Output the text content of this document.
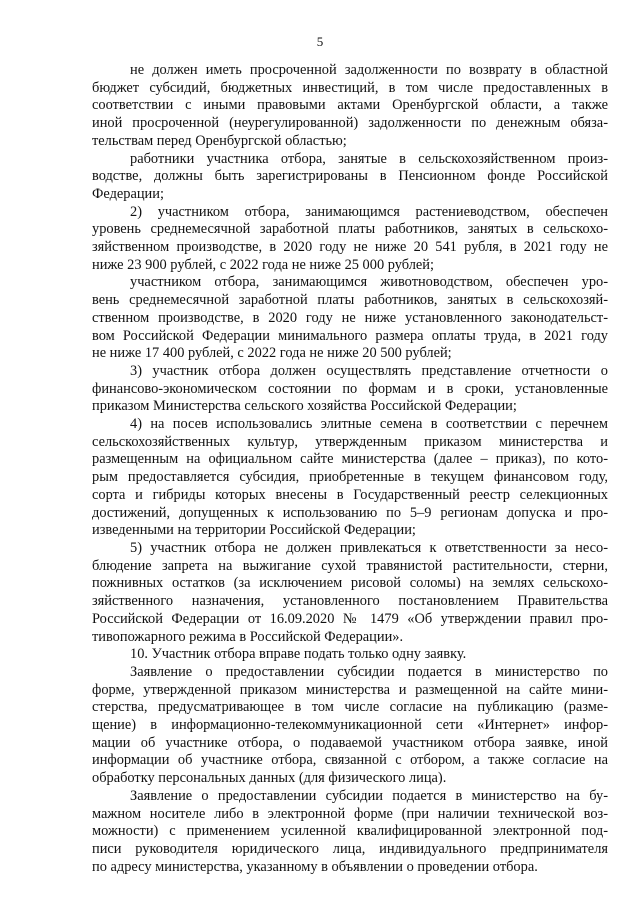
5
не должен иметь просроченной задолженности по возврату в областной
бюджет субсидий, бюджетных инвестиций, в том числе предоставленных в
соответствии с иными правовыми актами Оренбургской области, а также
иной просроченной (неурегулированной) задолженности по денежным обяза-
тельствам перед Оренбургской областью;
работники участника отбора, занятые в сельскохозяйственном произ-
водстве, должны быть зарегистрированы в Пенсионном фонде Российской
Федерации;
2) участником отбора, занимающимся растениеводством, обеспечен
уровень среднемесячной заработной платы работников, занятых в сельскохо-
зяйственном производстве, в 2020 году не ниже 20 541 рубля, в 2021 году не
ниже 23 900 рублей, с 2022 года не ниже 25 000 рублей;
участником отбора, занимающимся животноводством, обеспечен уро-
вень среднемесячной заработной платы работников, занятых в сельскохозяй-
ственном производстве, в 2020 году не ниже установленного законодательст-
вом Российской Федерации минимального размера оплаты труда, в 2021 году
не ниже 17 400 рублей, с 2022 года не ниже 20 500 рублей;
3) участник отбора должен осуществлять представление отчетности о
финансово-экономическом состоянии по формам и в сроки, установленные
приказом Министерства сельского хозяйства Российской Федерации;
4) на посев использовались элитные семена в соответствии с перечнем
сельскохозяйственных культур, утвержденным приказом министерства и
размещенным на официальном сайте министерства (далее – приказ), по кото-
рым предоставляется субсидия, приобретенные в текущем финансовом году,
сорта и гибриды которых внесены в Государственный реестр селекционных
достижений, допущенных к использованию по 5–9 регионам допуска и про-
изведенными на территории Российской Федерации;
5) участник отбора не должен привлекаться к ответственности за несо-
блюдение запрета на выжигание сухой травянистой растительности, стерни,
пожнивных остатков (за исключением рисовой соломы) на землях сельскохо-
зяйственного назначения, установленного постановлением Правительства
Российской Федерации от 16.09.2020 № 1479 «Об утверждении правил про-
тивопожарного режима в Российской Федерации».
10. Участник отбора вправе подать только одну заявку.
Заявление о предоставлении субсидии подается в министерство по
форме, утвержденной приказом министерства и размещенной на сайте мини-
стерства, предусматривающее в том числе согласие на публикацию (разме-
щение) в информационно-телекоммуникационной сети «Интернет» инфор-
мации об участнике отбора, о подаваемой участником отбора заявке, иной
информации об участнике отбора, связанной с отбором, а также согласие на
обработку персональных данных (для физического лица).
Заявление о предоставлении субсидии подается в министерство на бу-
мажном носителе либо в электронной форме (при наличии технической воз-
можности) с применением усиленной квалифицированной электронной под-
писи руководителя юридического лица, индивидуального предпринимателя
по адресу министерства, указанному в объявлении о проведении отбора.
